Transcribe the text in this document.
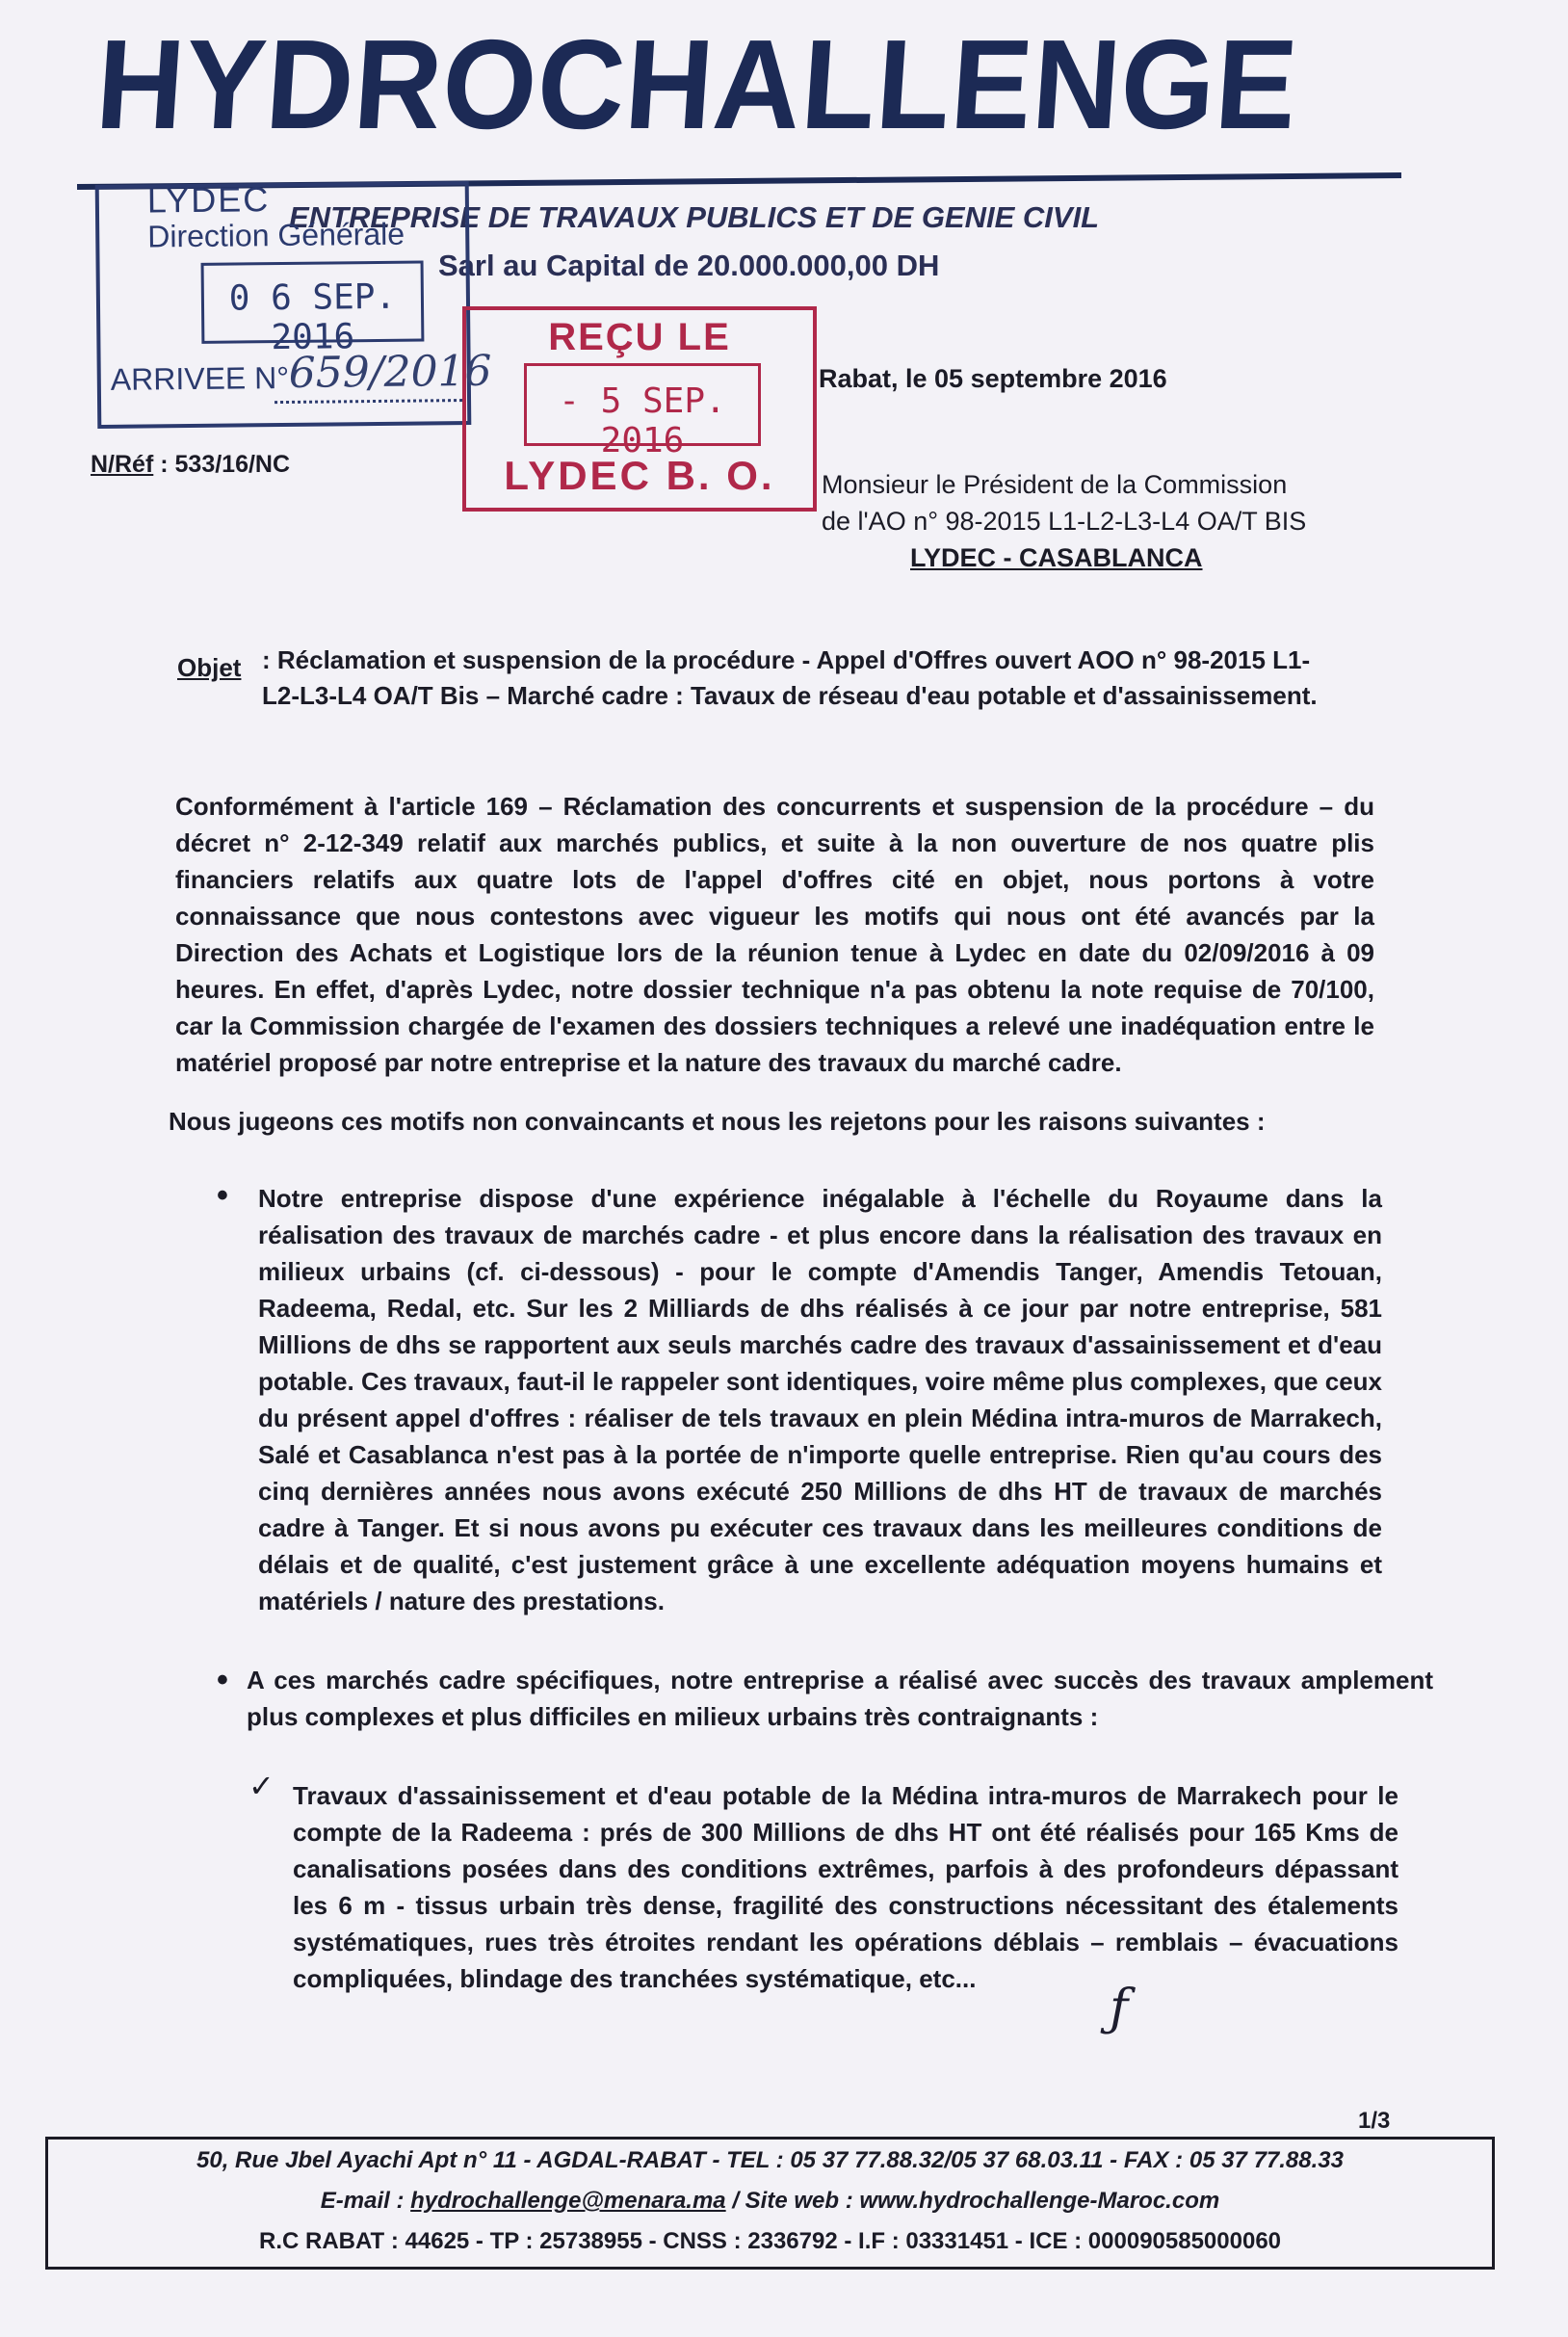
HYDROCHALLENGE
ENTREPRISE DE TRAVAUX PUBLICS ET DE GENIE CIVIL
Sarl au Capital de 20.000.000,00 DH
LYDEC
Direction Générale
0 6 SEP. 2016
ARRIVEE N° 659/2016
REÇU LE
- 5 SEP. 2016
LYDEC B. O.
Rabat, le 05 septembre 2016
N/Réf : 533/16/NC
Monsieur le Président de la Commission
de l'AO n° 98-2015 L1-L2-L3-L4 OA/T BIS
LYDEC - CASABLANCA
Objet : Réclamation et suspension de la procédure - Appel d'Offres ouvert AOO n° 98-2015 L1-L2-L3-L4 OA/T Bis – Marché cadre : Tavaux de réseau d'eau potable et d'assainissement.
Conformément à l'article 169 – Réclamation des concurrents et suspension de la procédure – du décret n° 2-12-349 relatif aux marchés publics, et suite à la non ouverture de nos quatre plis financiers relatifs aux quatre lots de l'appel d'offres cité en objet, nous portons à votre connaissance que nous contestons avec vigueur les motifs qui nous ont été avancés par la Direction des Achats et Logistique lors de la réunion tenue à Lydec en date du 02/09/2016 à 09 heures. En effet, d'après Lydec, notre dossier technique n'a pas obtenu la note requise de 70/100, car la Commission chargée de l'examen des dossiers techniques a relevé une inadéquation entre le matériel proposé par notre entreprise et la nature des travaux du marché cadre.
Nous jugeons ces motifs non convaincants et nous les rejetons pour les raisons suivantes :
• Notre entreprise dispose d'une expérience inégalable à l'échelle du Royaume dans la réalisation des travaux de marchés cadre - et plus encore dans la réalisation des travaux en milieux urbains (cf. ci-dessous) - pour le compte d'Amendis Tanger, Amendis Tetouan, Radeema, Redal, etc. Sur les 2 Milliards de dhs réalisés à ce jour par notre entreprise, 581 Millions de dhs se rapportent aux seuls marchés cadre des travaux d'assainissement et d'eau potable. Ces travaux, faut-il le rappeler sont identiques, voire même plus complexes, que ceux du présent appel d'offres : réaliser de tels travaux en plein Médina intra-muros de Marrakech, Salé et Casablanca n'est pas à la portée de n'importe quelle entreprise. Rien qu'au cours des cinq dernières années nous avons exécuté 250 Millions de dhs HT de travaux de marchés cadre à Tanger. Et si nous avons pu exécuter ces travaux dans les meilleures conditions de délais et de qualité, c'est justement grâce à une excellente adéquation moyens humains et matériels / nature des prestations.
• A ces marchés cadre spécifiques, notre entreprise a réalisé avec succès des travaux amplement plus complexes et plus difficiles en milieux urbains très contraignants :
✓ Travaux d'assainissement et d'eau potable de la Médina intra-muros de Marrakech pour le compte de la Radeema : prés de 300 Millions de dhs HT ont été réalisés pour 165 Kms de canalisations posées dans des conditions extrêmes, parfois à des profondeurs dépassant les 6 m - tissus urbain très dense, fragilité des constructions nécessitant des étalements systématiques, rues très étroites rendant les opérations déblais – remblais – évacuations compliquées, blindage des tranchées systématique, etc...
ƒ
1/3
50, Rue Jbel Ayachi Apt n° 11 - AGDAL-RABAT - TEL : 05 37 77.88.32/05 37 68.03.11 - FAX : 05 37 77.88.33
E-mail : hydrochallenge@menara.ma / Site web : www.hydrochallenge-Maroc.com
R.C RABAT : 44625 - TP : 25738955 - CNSS : 2336792 - I.F : 03331451 - ICE : 000090585000060
